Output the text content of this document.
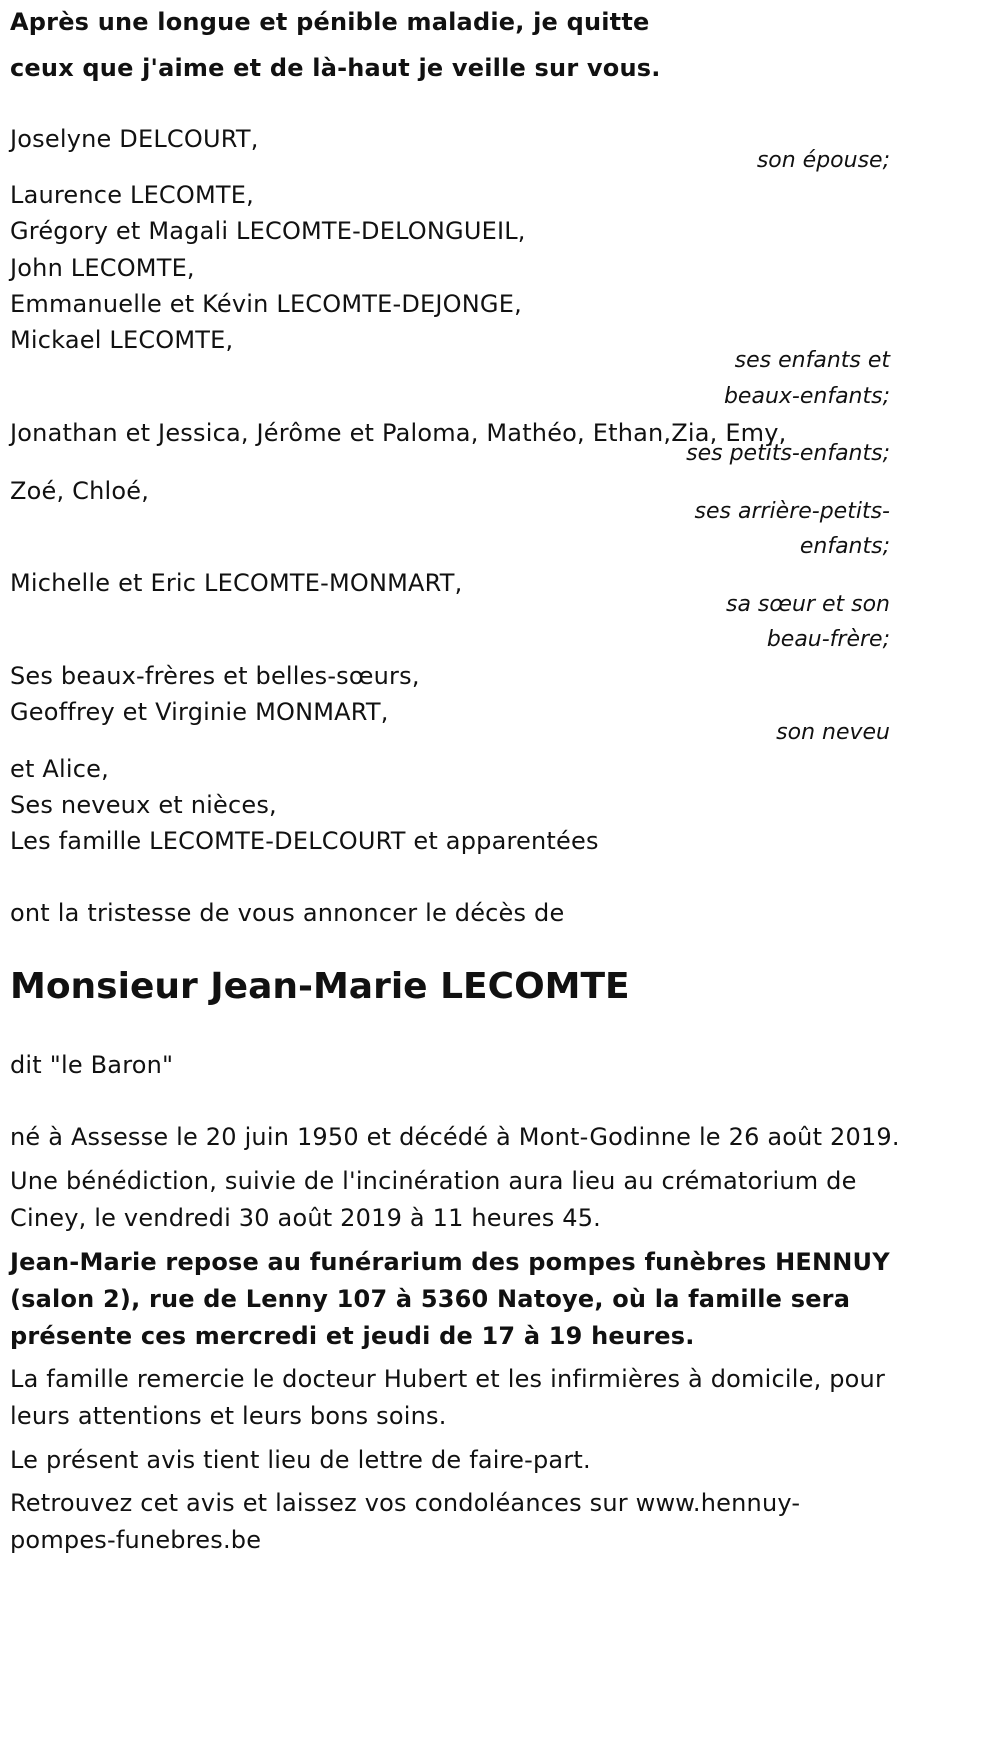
Après une longue et pénible maladie, je quitte
ceux que j'aime et de là-haut je veille sur vous.
Joselyne DELCOURT,
son épouse;
Laurence LECOMTE,
Grégory et Magali LECOMTE-DELONGUEIL,
John LECOMTE,
Emmanuelle et Kévin LECOMTE-DEJONGE,
Mickael LECOMTE,
ses enfants et
beaux-enfants;
Jonathan et Jessica, Jérôme et Paloma, Mathéo, Ethan,Zia, Emy,
ses petits-enfants;
Zoé, Chloé,
ses arrière-petits-
enfants;
Michelle et Eric LECOMTE-MONMART,
sa sœur et son
beau-frère;
Ses beaux-frères et belles-sœurs,
Geoffrey et Virginie MONMART,
son neveu
et Alice,
Ses neveux et nièces,
Les famille LECOMTE-DELCOURT et apparentées
ont la tristesse de vous annoncer le décès de
Monsieur Jean-Marie LECOMTE
dit "le Baron"
né à Assesse le 20 juin 1950 et décédé à Mont-Godinne le 26 août 2019.
Une bénédiction, suivie de l'incinération aura lieu au crématorium de Ciney, le vendredi 30 août 2019 à 11 heures 45.
Jean-Marie repose au funérarium des pompes funèbres HENNUY (salon 2), rue de Lenny 107 à 5360 Natoye, où la famille sera présente ces mercredi et jeudi de 17 à 19 heures.
La famille remercie le docteur Hubert et les infirmières à domicile, pour leurs attentions et leurs bons soins.
Le présent avis tient lieu de lettre de faire-part.
Retrouvez cet avis et laissez vos condoléances sur www.hennuy-pompes-funebres.be
